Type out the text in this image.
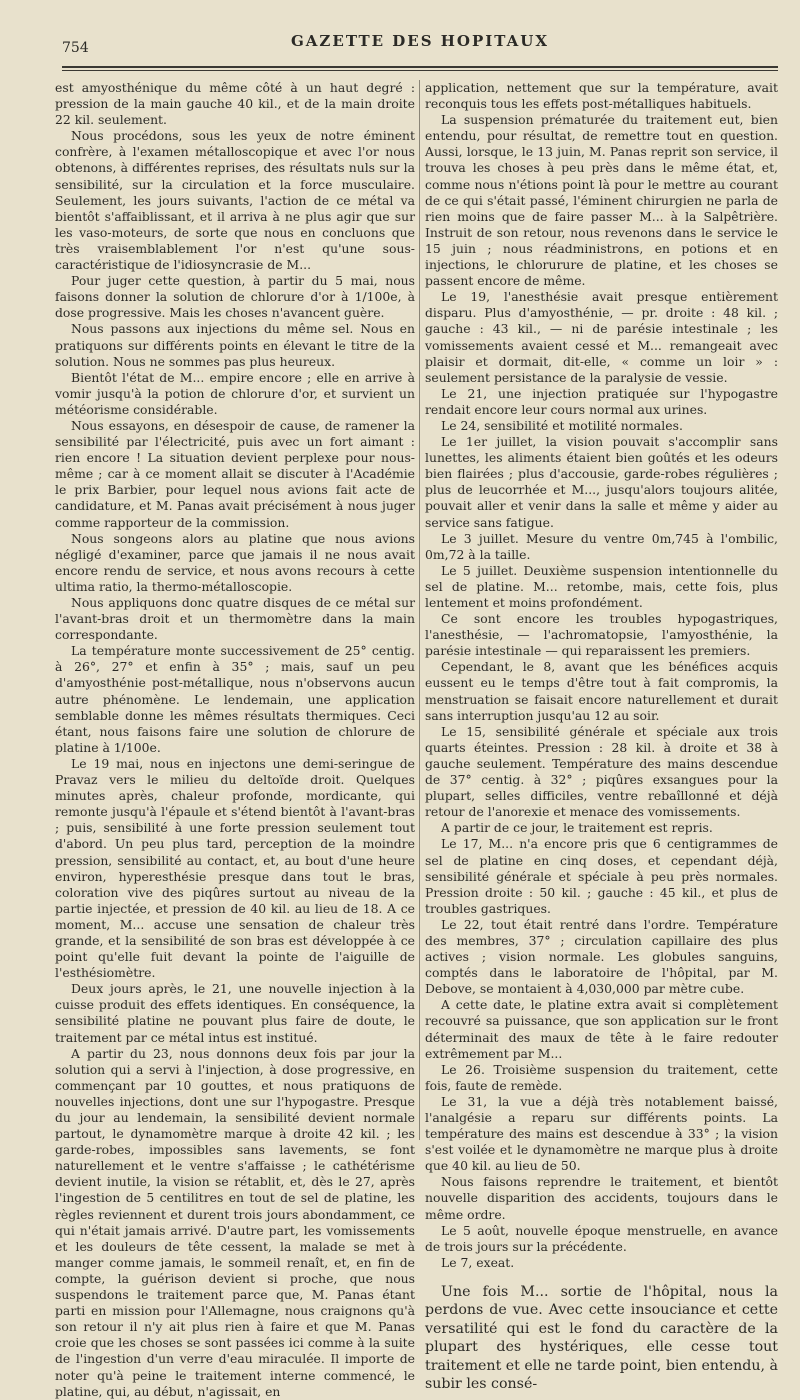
754	GAZETTE DES HOPITAUX

est amyosthénique du même côté à un haut degré : pression de la main gauche 40 kil., et de la main droite 22 kil. seulement.

Nous procédons, sous les yeux de notre éminent confrère, à l'examen métalloscopique et avec l'or nous obtenons, à différentes reprises, des résultats nuls sur la sensibilité, sur la circulation et la force musculaire. Seulement, les jours suivants, l'action de ce métal va bientôt s'affaiblissant, et il arriva à ne plus agir que sur les vaso-moteurs, de sorte que nous en concluons que très vraisemblablement l'or n'est qu'une sous-caractéristique de l'idiosyncrasie de M...

Pour juger cette question, à partir du 5 mai, nous faisons donner la solution de chlorure d'or à 1/100e, à dose progressive. Mais les choses n'avancent guère.

Nous passons aux injections du même sel. Nous en pratiquons sur différents points en élevant le titre de la solution. Nous ne sommes pas plus heureux.

Bientôt l'état de M... empire encore ; elle en arrive à vomir jusqu'à la potion de chlorure d'or, et survient un météorisme considérable.

Nous essayons, en désespoir de cause, de ramener la sensibilité par l'électricité, puis avec un fort aimant : rien encore ! La situation devient perplexe pour nous-même ; car à ce moment allait se discuter à l'Académie le prix Barbier, pour lequel nous avions fait acte de candidature, et M. Panas avait précisément à nous juger comme rapporteur de la commission.

Nous songeons alors au platine que nous avions négligé d'examiner, parce que jamais il ne nous avait encore rendu de service, et nous avons recours à cette ultima ratio, la thermo-métalloscopie.

Nous appliquons donc quatre disques de ce métal sur l'avant-bras droit et un thermomètre dans la main correspondante.

La température monte successivement de 25° centig. à 26°, 27° et enfin à 35° ; mais, sauf un peu d'amyosthénie post-métallique, nous n'observons aucun autre phénomène. Le lendemain, une application semblable donne les mêmes résultats thermiques. Ceci étant, nous faisons faire une solution de chlorure de platine à 1/100e.

Le 19 mai, nous en injectons une demi-seringue de Pravaz vers le milieu du deltoïde droit. Quelques minutes après, chaleur profonde, mordicante, qui remonte jusqu'à l'épaule et s'étend bientôt à l'avant-bras ; puis, sensibilité à une forte pression seulement tout d'abord. Un peu plus tard, perception de la moindre pression, sensibilité au contact, et, au bout d'une heure environ, hyperesthésie presque dans tout le bras, coloration vive des piqûres surtout au niveau de la partie injectée, et pression de 40 kil. au lieu de 18. A ce moment, M... accuse une sensation de chaleur très grande, et la sensibilité de son bras est développée à ce point qu'elle fuit devant la pointe de l'aiguille de l'esthésiomètre.

Deux jours après, le 21, une nouvelle injection à la cuisse produit des effets identiques. En conséquence, la sensibilité platine ne pouvant plus faire de doute, le traitement par ce métal intus est institué.

A partir du 23, nous donnons deux fois par jour la solution qui a servi à l'injection, à dose progressive, en commençant par 10 gouttes, et nous pratiquons de nouvelles injections, dont une sur l'hypogastre. Presque du jour au lendemain, la sensibilité devient normale partout, le dynamomètre marque à droite 42 kil. ; les garde-robes, impossibles sans lavements, se font naturellement et le ventre s'affaisse ; le cathétérisme devient inutile, la vision se rétablit, et, dès le 27, après l'ingestion de 5 centilitres en tout de sel de platine, les règles reviennent et durent trois jours abondamment, ce qui n'était jamais arrivé. D'autre part, les vomissements et les douleurs de tête cessent, la malade se met à manger comme jamais, le sommeil renaît, et, en fin de compte, la guérison devient si proche, que nous suspendons le traitement parce que, M. Panas étant parti en mission pour l'Allemagne, nous craignons qu'à son retour il n'y ait plus rien à faire et que M. Panas croie que les choses se sont passées ici comme à la suite de l'ingestion d'un verre d'eau miraculée. Il importe de noter qu'à peine le traitement interne commencé, le platine, qui, au début, n'agissait, en

application, nettement que sur la température, avait reconquis tous les effets post-métalliques habituels.

La suspension prématurée du traitement eut, bien entendu, pour résultat, de remettre tout en question. Aussi, lorsque, le 13 juin, M. Panas reprit son service, il trouva les choses à peu près dans le même état, et, comme nous n'étions point là pour le mettre au courant de ce qui s'était passé, l'éminent chirurgien ne parla de rien moins que de faire passer M... à la Salpêtrière. Instruit de son retour, nous revenons dans le service le 15 juin ; nous réadministrons, en potions et en injections, le chlorurure de platine, et les choses se passent encore de même.

Le 19, l'anesthésie avait presque entièrement disparu. Plus d'amyosthénie, — pr. droite : 48 kil. ; gauche : 43 kil., — ni de parésie intestinale ; les vomissements avaient cessé et M... remangeait avec plaisir et dormait, dit-elle, « comme un loir » : seulement persistance de la paralysie de vessie.

Le 21, une injection pratiquée sur l'hypogastre rendait encore leur cours normal aux urines.

Le 24, sensibilité et motilité normales.

Le 1er juillet, la vision pouvait s'accomplir sans lunettes, les aliments étaient bien goûtés et les odeurs bien flairées ; plus d'accousie, garde-robes régulières ; plus de leucorrhée et M..., jusqu'alors toujours alitée, pouvait aller et venir dans la salle et même y aider au service sans fatigue.

Le 3 juillet. Mesure du ventre 0m,745 à l'ombilic, 0m,72 à la taille.

Le 5 juillet. Deuxième suspension intentionnelle du sel de platine. M... retombe, mais, cette fois, plus lentement et moins profondément.

Ce sont encore les troubles hypogastriques, l'anesthésie, — l'achromatopsie, l'amyosthénie, la parésie intestinale — qui reparaissent les premiers.

Cependant, le 8, avant que les bénéfices acquis eussent eu le temps d'être tout à fait compromis, la menstruation se faisait encore naturellement et durait sans interruption jusqu'au 12 au soir.

Le 15, sensibilité générale et spéciale aux trois quarts éteintes. Pression : 28 kil. à droite et 38 à gauche seulement. Température des mains descendue de 37° centig. à 32° ; piqûres exsangues pour la plupart, selles difficiles, ventre rebaîllonné et déjà retour de l'anorexie et menace des vomissements.

A partir de ce jour, le traitement est repris.

Le 17, M... n'a encore pris que 6 centigrammes de sel de platine en cinq doses, et cependant déjà, sensibilité générale et spéciale à peu près normales. Pression droite : 50 kil. ; gauche : 45 kil., et plus de troubles gastriques.

Le 22, tout était rentré dans l'ordre. Température des membres, 37° ; circulation capillaire des plus actives ; vision normale. Les globules sanguins, comptés dans le laboratoire de l'hôpital, par M. Debove, se montaient à 4,030,000 par mètre cube.

A cette date, le platine extra avait si complètement recouvré sa puissance, que son application sur le front déterminait des maux de tête à le faire redouter extrêmement par M...

Le 26. Troisième suspension du traitement, cette fois, faute de remède.

Le 31, la vue a déjà très notablement baissé, l'analgésie a reparu sur différents points. La température des mains est descendue à 33° ; la vision s'est voilée et le dynamomètre ne marque plus à droite que 40 kil. au lieu de 50.

Nous faisons reprendre le traitement, et bientôt nouvelle disparition des accidents, toujours dans le même ordre.

Le 5 août, nouvelle époque menstruelle, en avance de trois jours sur la précédente.

Le 7, exeat.

Une fois M... sortie de l'hôpital, nous la perdons de vue. Avec cette insouciance et cette versatilité qui est le fond du caractère de la plupart des hystériques, elle cesse tout traitement et elle ne tarde point, bien entendu, à subir les consé-
